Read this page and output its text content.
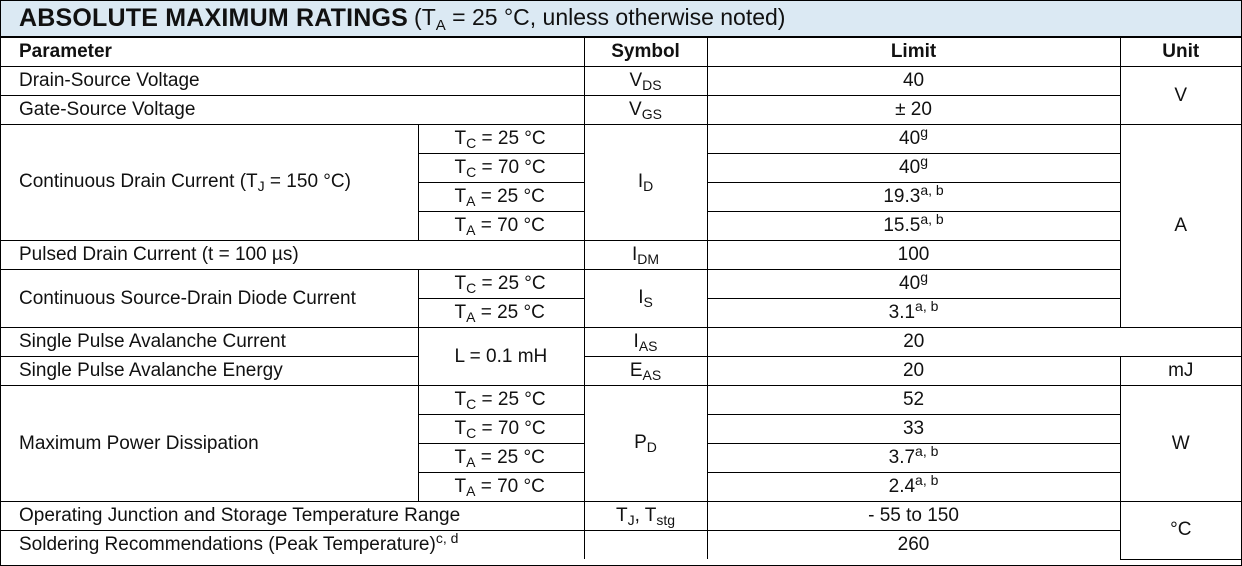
ABSOLUTE MAXIMUM RATINGS ($T_A = 25$ °C, unless otherwise noted)
Parameter		Symbol	Limit	Unit
Drain-Source Voltage		$V_{DS}$	40	V
Gate-Source Voltage		$V_{GS}$	± 20	
Continuous Drain Current ($T_J = 150$ °C)	$T_C = 25$ °C	$I_D$	40$^g$	A
	$T_C = 70$ °C		40$^g$
	$T_A = 25$ °C		19.3$^{a, b}$
	$T_A = 70$ °C		15.5$^{a, b}$
Pulsed Drain Current (t = 100 µs)		$I_{DM}$	100	
Continuous Source-Drain Diode Current	$T_C = 25$ °C	$I_S$	40$^g$
	$T_A = 25$ °C		3.1$^{a, b}$
Single Pulse Avalanche Current	L = 0.1 mH	$I_{AS}$	20	
Single Pulse Avalanche Energy		$E_{AS}$	20	mJ
Maximum Power Dissipation	$T_C = 25$ °C	$P_D$	52	W
	$T_C = 70$ °C		33	
	$T_A = 25$ °C		3.7$^{a, b}$
	$T_A = 70$ °C		2.4$^{a, b}$
Operating Junction and Storage Temperature Range		$T_J$, $T_{stg}$	- 55 to 150	°C
Soldering Recommendations (Peak Temperature)$^{c, d}$			260	
